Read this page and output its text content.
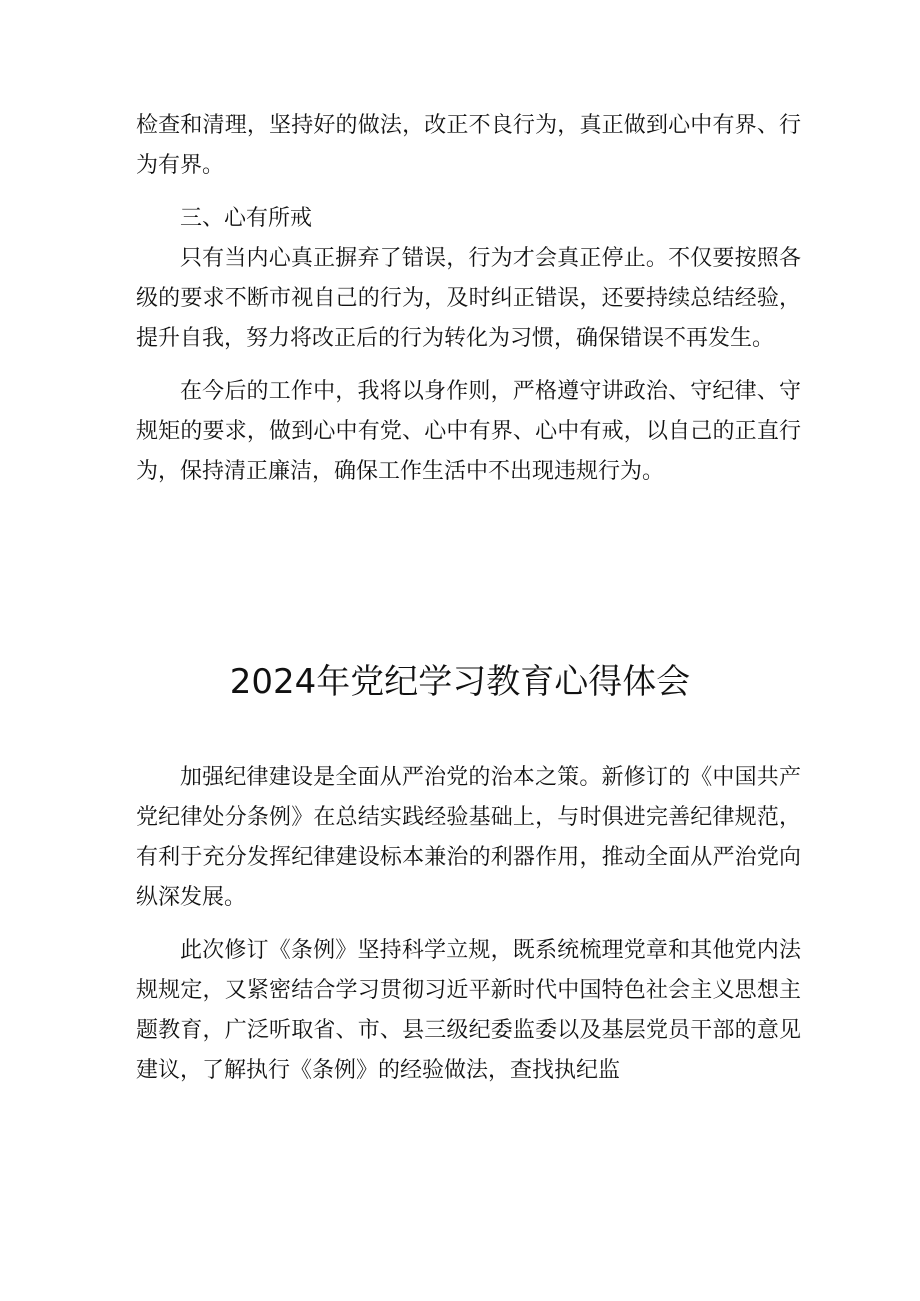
检查和清理，坚持好的做法，改正不良行为，真正做到心中有界、行为有界。

三、心有所戒

只有当内心真正摒弃了错误，行为才会真正停止。不仅要按照各级的要求不断市视自己的行为，及时纠正错误，还要持续总结经验，提升自我，努力将改正后的行为转化为习惯，确保错误不再发生。

在今后的工作中，我将以身作则，严格遵守讲政治、守纪律、守规矩的要求，做到心中有党、心中有界、心中有戒，以自己的正直行为，保持清正廉洁，确保工作生活中不出现违规行为。

2024年党纪学习教育心得体会

加强纪律建设是全面从严治党的治本之策。新修订的《中国共产党纪律处分条例》在总结实践经验基础上，与时俱进完善纪律规范，有利于充分发挥纪律建设标本兼治的利器作用，推动全面从严治党向纵深发展。

此次修订《条例》坚持科学立规，既系统梳理党章和其他党内法规规定，又紧密结合学习贯彻习近平新时代中国特色社会主义思想主题教育，广泛听取省、市、县三级纪委监委以及基层党员干部的意见建议，了解执行《条例》的经验做法，查找执纪监
